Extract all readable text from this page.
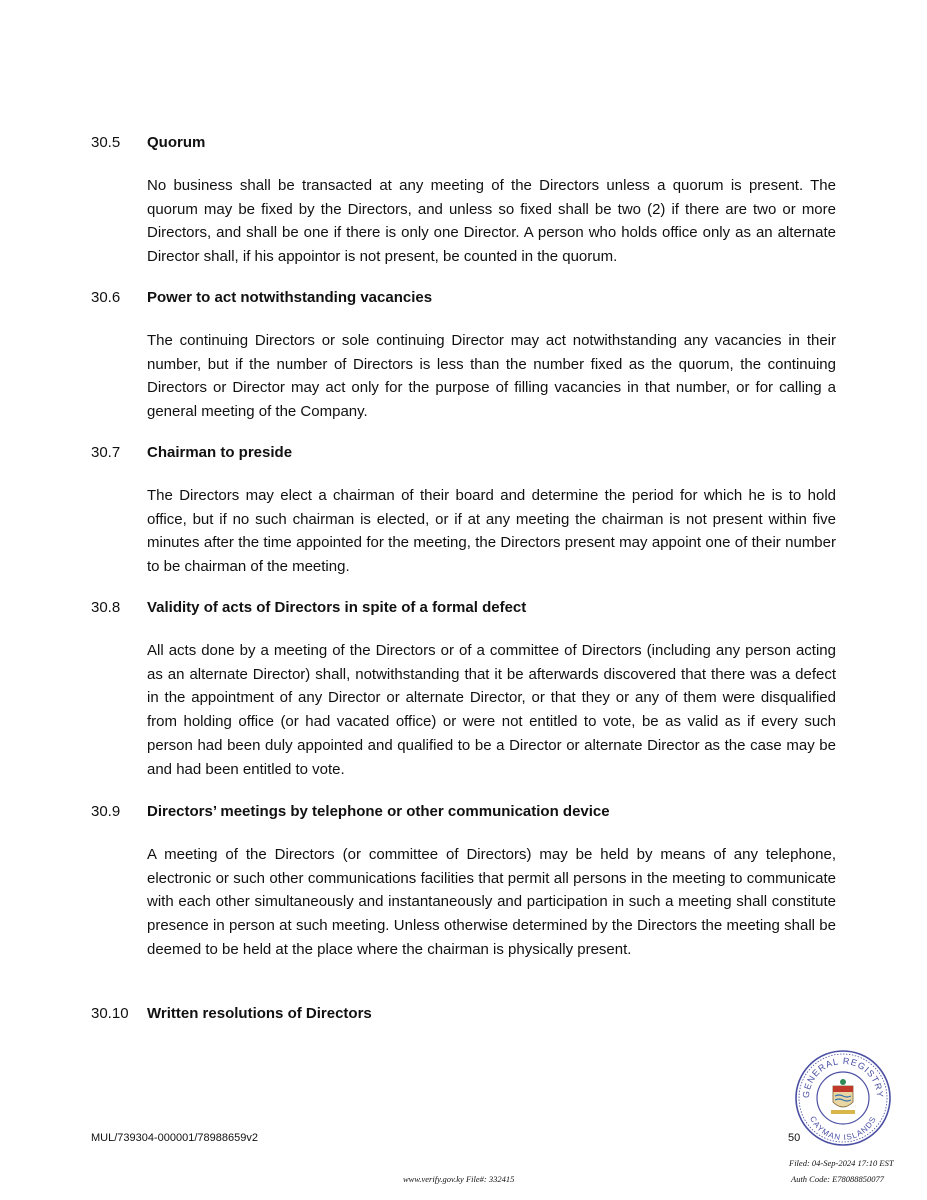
30.5	Quorum
No business shall be transacted at any meeting of the Directors unless a quorum is present. The quorum may be fixed by the Directors, and unless so fixed shall be two (2) if there are two or more Directors, and shall be one if there is only one Director. A person who holds office only as an alternate Director shall, if his appointor is not present, be counted in the quorum.
30.6	Power to act notwithstanding vacancies
The continuing Directors or sole continuing Director may act notwithstanding any vacancies in their number, but if the number of Directors is less than the number fixed as the quorum, the continuing Directors or Director may act only for the purpose of filling vacancies in that number, or for calling a general meeting of the Company.
30.7	Chairman to preside
The Directors may elect a chairman of their board and determine the period for which he is to hold office, but if no such chairman is elected, or if at any meeting the chairman is not present within five minutes after the time appointed for the meeting, the Directors present may appoint one of their number to be chairman of the meeting.
30.8	Validity of acts of Directors in spite of a formal defect
All acts done by a meeting of the Directors or of a committee of Directors (including any person acting as an alternate Director) shall, notwithstanding that it be afterwards discovered that there was a defect in the appointment of any Director or alternate Director, or that they or any of them were disqualified from holding office (or had vacated office) or were not entitled to vote, be as valid as if every such person had been duly appointed and qualified to be a Director or alternate Director as the case may be and had been entitled to vote.
30.9	Directors’ meetings by telephone or other communication device
A meeting of the Directors (or committee of Directors) may be held by means of any telephone, electronic or such other communications facilities that permit all persons in the meeting to communicate with each other simultaneously and instantaneously and participation in such a meeting shall constitute presence in person at such meeting. Unless otherwise determined by the Directors the meeting shall be deemed to be held at the place where the chairman is physically present.
30.10	Written resolutions of Directors
MUL/739304-000001/78988659v2	50
GENERAL REGISTRY
CAYMAN ISLANDS
Filed: 04-Sep-2024 17:10 EST
www.verify.gov.ky File#: 332415	Auth Code: E78088850077
